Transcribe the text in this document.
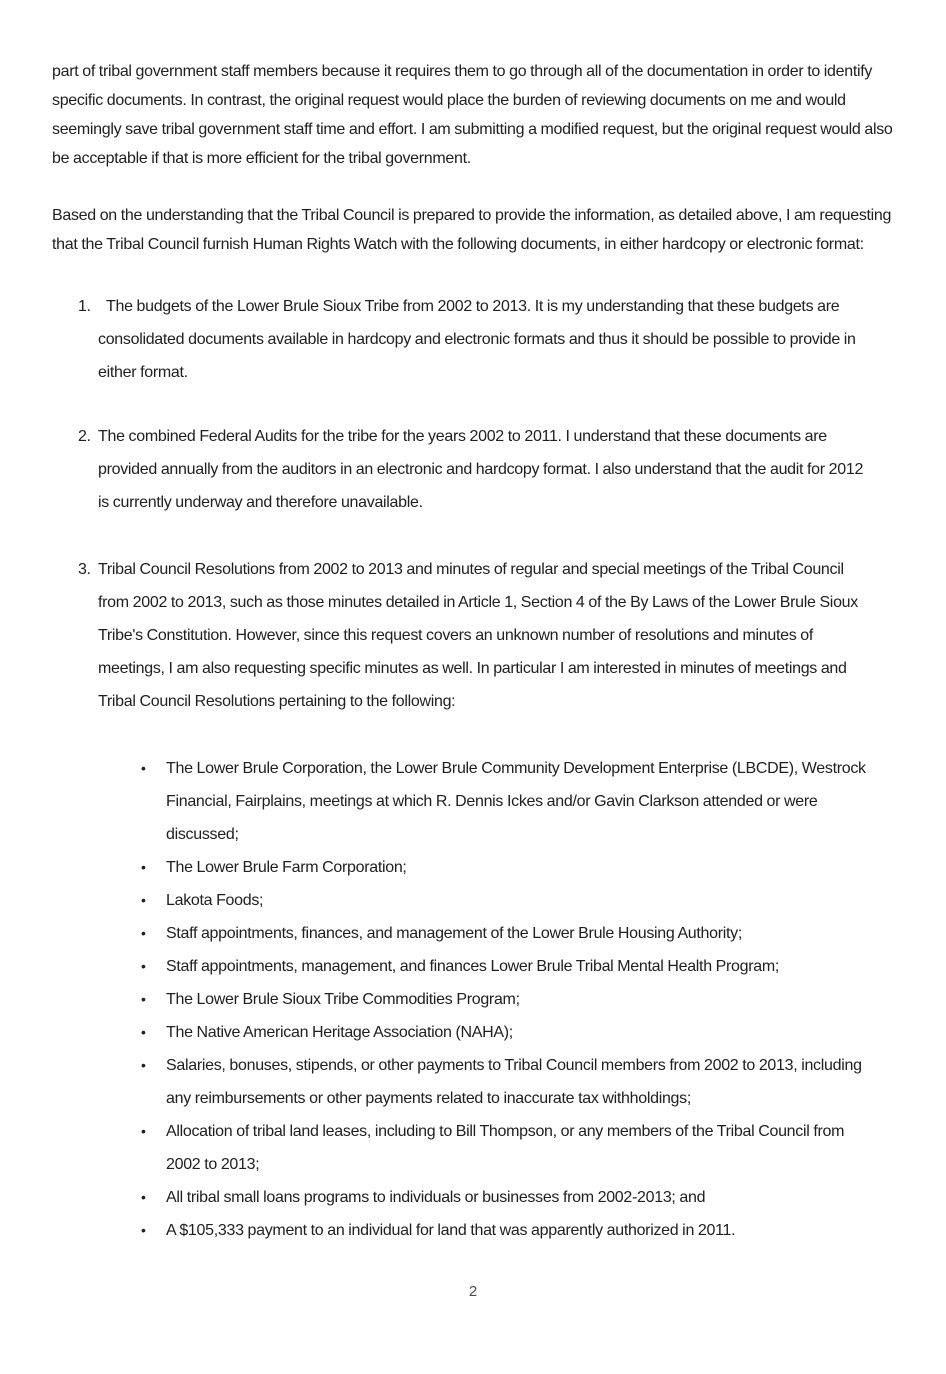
part of tribal government staff members because it requires them to go through all of the documentation in order to identify specific documents. In contrast, the original request would place the burden of reviewing documents on me and would seemingly save tribal government staff time and effort. I am submitting a modified request, but the original request would also be acceptable if that is more efficient for the tribal government.

Based on the understanding that the Tribal Council is prepared to provide the information, as detailed above, I am requesting that the Tribal Council furnish Human Rights Watch with the following documents, in either hardcopy or electronic format:

1. The budgets of the Lower Brule Sioux Tribe from 2002 to 2013. It is my understanding that these budgets are consolidated documents available in hardcopy and electronic formats and thus it should be possible to provide in either format.
2. The combined Federal Audits for the tribe for the years 2002 to 2011. I understand that these documents are provided annually from the auditors in an electronic and hardcopy format. I also understand that the audit for 2012 is currently underway and therefore unavailable.
3. Tribal Council Resolutions from 2002 to 2013 and minutes of regular and special meetings of the Tribal Council from 2002 to 2013, such as those minutes detailed in Article 1, Section 4 of the By Laws of the Lower Brule Sioux Tribe's Constitution. However, since this request covers an unknown number of resolutions and minutes of meetings, I am also requesting specific minutes as well. In particular I am interested in minutes of meetings and Tribal Council Resolutions pertaining to the following:
•	The Lower Brule Corporation, the Lower Brule Community Development Enterprise (LBCDE), Westrock Financial, Fairplains, meetings at which R. Dennis Ickes and/or Gavin Clarkson attended or were discussed;
•	The Lower Brule Farm Corporation;
•	Lakota Foods;
•	Staff appointments, finances, and management of the Lower Brule Housing Authority;
•	Staff appointments, management, and finances Lower Brule Tribal Mental Health Program;
•	The Lower Brule Sioux Tribe Commodities Program;
•	The Native American Heritage Association (NAHA);
•	Salaries, bonuses, stipends, or other payments to Tribal Council members from 2002 to 2013, including any reimbursements or other payments related to inaccurate tax withholdings;
•	Allocation of tribal land leases, including to Bill Thompson, or any members of the Tribal Council from 2002 to 2013;
•	All tribal small loans programs to individuals or businesses from 2002-2013; and
•	A $105,333 payment to an individual for land that was apparently authorized in 2011.
2
